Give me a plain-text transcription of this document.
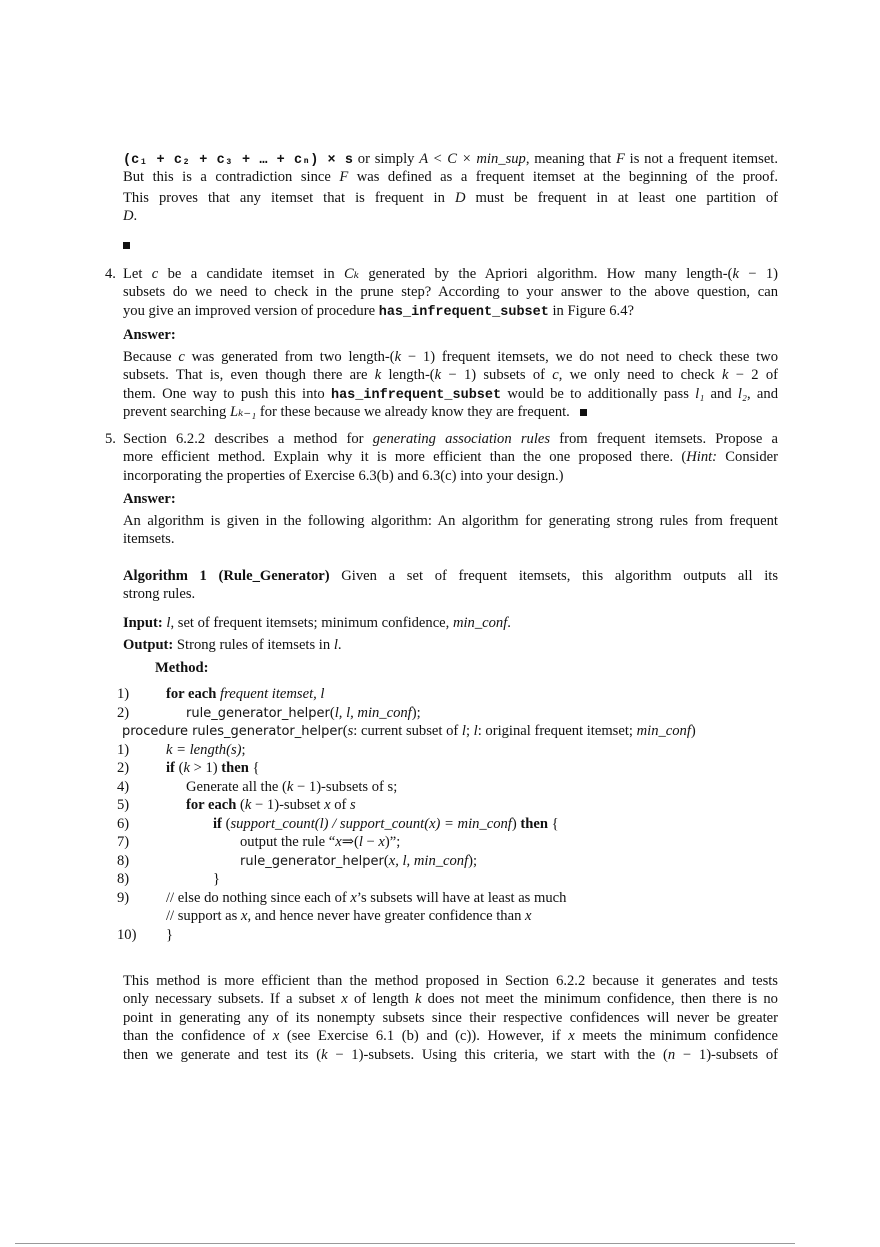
(c₁ + c₂ + c₃ + … + cₙ) × s or simply A < C × min_sup, meaning that F is not a frequent itemset.
But this is a contradiction since F was defined as a frequent itemset at the beginning of the proof.
This proves that any itemset that is frequent in D must be frequent in at least one partition of
D.
4. Let c be a candidate itemset in Cₖ generated by the Apriori algorithm. How many length-(k − 1)
subsets do we need to check in the prune step? According to your answer to the above question, can
you give an improved version of procedure has_infrequent_subset in Figure 6.4?
Answer:
Because c was generated from two length-(k − 1) frequent itemsets, we do not need to check these two
subsets. That is, even though there are k length-(k − 1) subsets of c, we only need to check k − 2 of
them. One way to push this into has_infrequent_subset would be to additionally pass l₁ and l₂, and
prevent searching Lₖ₋₁ for these because we already know they are frequent.
5. Section 6.2.2 describes a method for generating association rules from frequent itemsets. Propose a
more efficient method. Explain why it is more efficient than the one proposed there. (Hint: Consider
incorporating the properties of Exercise 6.3(b) and 6.3(c) into your design.)
Answer:
An algorithm is given in the following algorithm: An algorithm for generating strong rules from frequent
itemsets.
Algorithm 1 (Rule_Generator) Given a set of frequent itemsets, this algorithm outputs all its
strong rules.
Input: l, set of frequent itemsets; minimum confidence, min_conf.
Output: Strong rules of itemsets in l.
Method:
1)	for each frequent itemset, l
2)	rule_generator_helper(l, l, min_conf);
procedure rules_generator_helper(s: current subset of l; l: original frequent itemset; min_conf)
1)	k = length(s);
2)	if (k > 1) then {
4)	Generate all the (k − 1)-subsets of s;
5)	for each (k − 1)-subset x of s
6)	if (support_count(l) / support_count(x) = min_conf) then {
7)	output the rule “x⇒(l − x)”;
8)	rule_generator_helper(x, l, min_conf);
8)	}
9)	// else do nothing since each of x’s subsets will have at least as much
// support as x, and hence never have greater confidence than x
10) }
This method is more efficient than the method proposed in Section 6.2.2 because it generates and tests
only necessary subsets. If a subset x of length k does not meet the minimum confidence, then there is no
point in generating any of its nonempty subsets since their respective confidences will never be greater
than the confidence of x (see Exercise 6.1 (b) and (c)). However, if x meets the minimum confidence
then we generate and test its (k − 1)-subsets. Using this criteria, we start with the (n − 1)-subsets of
